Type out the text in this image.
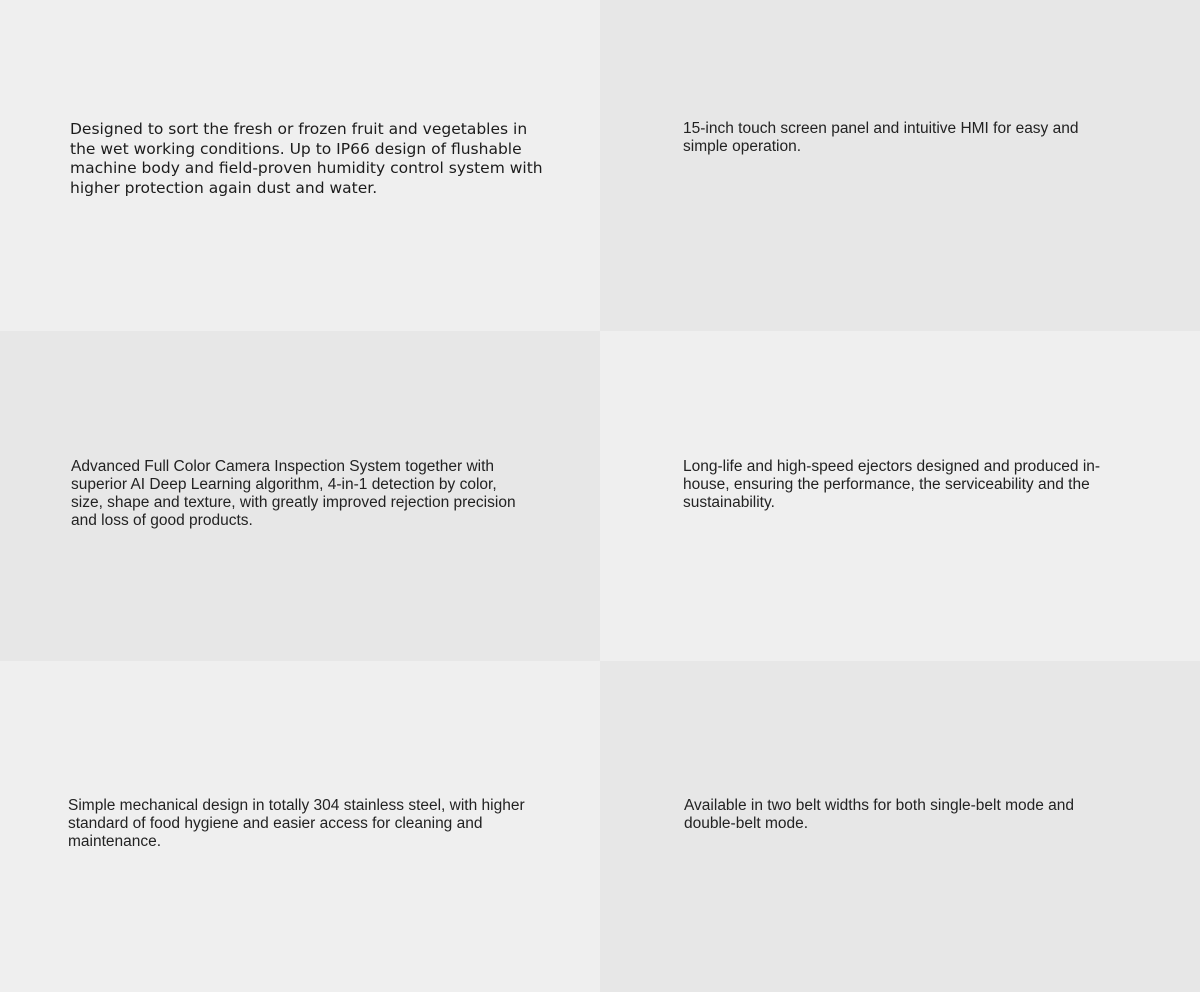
Designed to sort the fresh or frozen fruit and vegetables in the wet working conditions. Up to IP66 design of flushable machine body and field-proven humidity control system with higher protection again dust and water.

15-inch touch screen panel and intuitive HMI for easy and simple operation.

Advanced Full Color Camera Inspection System together with superior AI Deep Learning algorithm, 4-in-1 detection by color, size, shape and texture, with greatly improved rejection precision and loss of good products.

Long-life and high-speed ejectors designed and produced in-house, ensuring the performance, the serviceability and the sustainability.

Simple mechanical design in totally 304 stainless steel, with higher standard of food hygiene and easier access for cleaning and maintenance.

Available in two belt widths for both single-belt mode and double-belt mode.
